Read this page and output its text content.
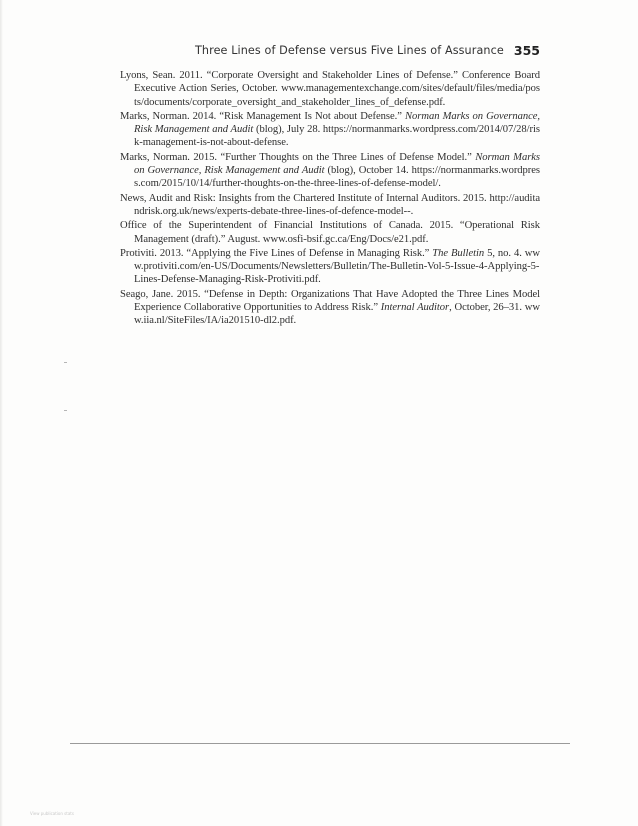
Three Lines of Defense versus Five Lines of Assurance 355

Lyons, Sean. 2011. “Corporate Oversight and Stakeholder Lines of Defense.” Conference Board Executive Action Series, October. www.managementexchange.com/sites/default/files/media/posts/documents/corporate_oversight_and_stakeholder_lines_of_defense.pdf.

Marks, Norman. 2014. “Risk Management Is Not about Defense.” Norman Marks on Governance, Risk Management and Audit (blog), July 28. https://normanmarks.wordpress.com/2014/07/28/risk-management-is-not-about-defense.

Marks, Norman. 2015. “Further Thoughts on the Three Lines of Defense Model.” Norman Marks on Governance, Risk Management and Audit (blog), October 14. https://normanmarks.wordpress.com/2015/10/14/further-thoughts-on-the-three-lines-of-defense-model/.

News, Audit and Risk: Insights from the Chartered Institute of Internal Auditors. 2015. http://auditandrisk.org.uk/news/experts-debate-three-lines-of-defence-model--.

Office of the Superintendent of Financial Institutions of Canada. 2015. “Operational Risk Management (draft).” August. www.osfi-bsif.gc.ca/Eng/Docs/e21.pdf.

Protiviti. 2013. “Applying the Five Lines of Defense in Managing Risk.” The Bulletin 5, no. 4. www.protiviti.com/en-US/Documents/Newsletters/Bulletin/The-Bulletin-Vol-5-Issue-4-Applying-5-Lines-Defense-Managing-Risk-Protiviti.pdf.

Seago, Jane. 2015. “Defense in Depth: Organizations That Have Adopted the Three Lines Model Experience Collaborative Opportunities to Address Risk.” Internal Auditor, October, 26–31. www.iia.nl/SiteFiles/IA/ia201510-dl2.pdf.

View publication stats
